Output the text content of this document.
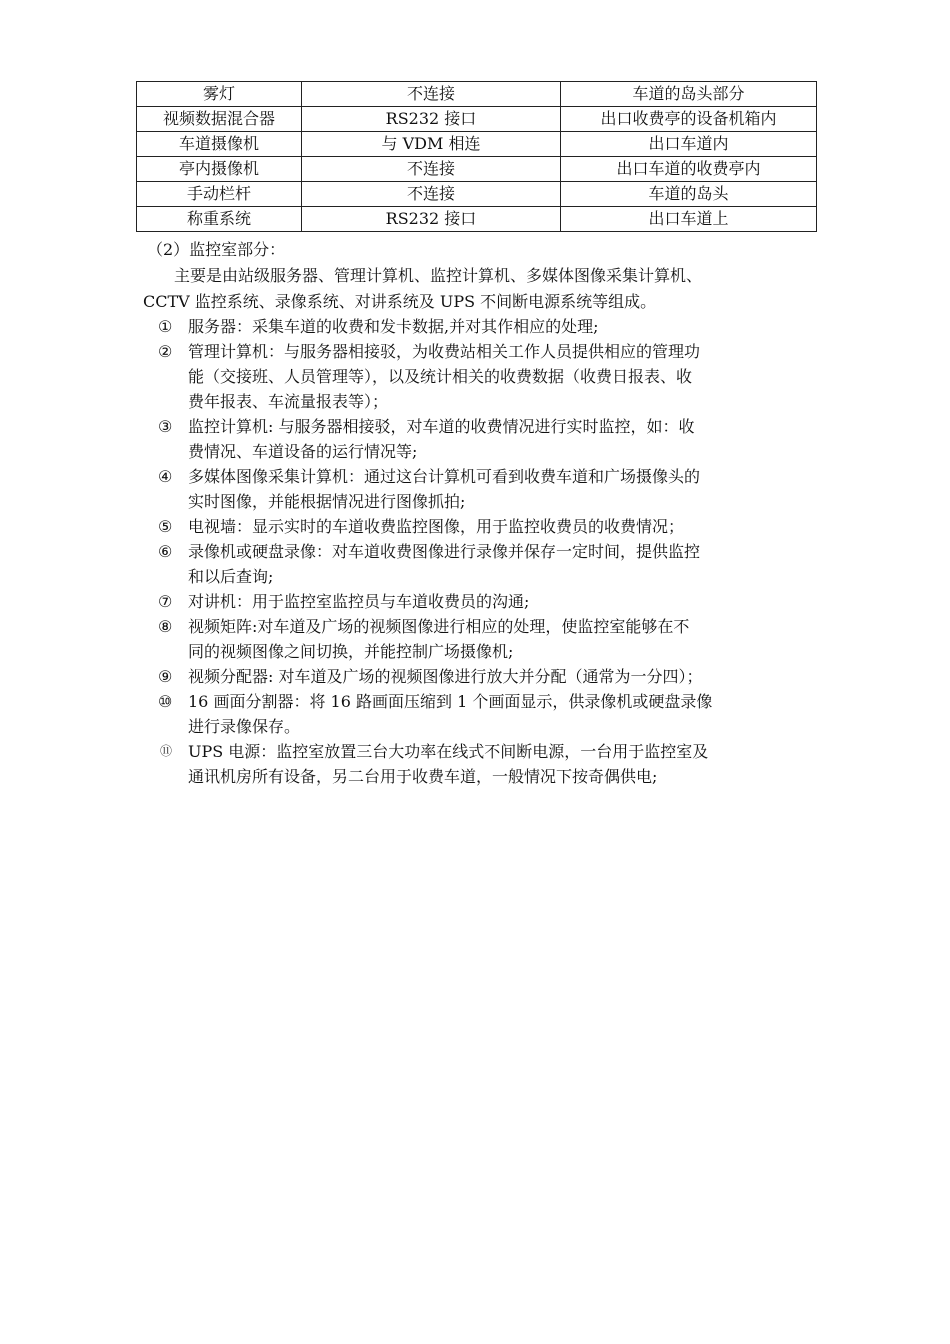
雾灯	不连接	车道的岛头部分
视频数据混合器	RS232 接口	出口收费亭的设备机箱内
车道摄像机	与 VDM 相连	出口车道内
亭内摄像机	不连接	出口车道的收费亭内
手动栏杆	不连接	车道的岛头
称重系统	RS232 接口	出口车道上
（2）监控室部分：
主要是由站级服务器、管理计算机、监控计算机、多媒体图像采集计算机、
CCTV 监控系统、录像系统、对讲系统及 UPS 不间断电源系统等组成。
① 服务器：采集车道的收费和发卡数据,并对其作相应的处理;
② 管理计算机：与服务器相接驳，为收费站相关工作人员提供相应的管理功
能（交接班、人员管理等），以及统计相关的收费数据（收费日报表、收
费年报表、车流量报表等）；
③ 监控计算机: 与服务器相接驳，对车道的收费情况进行实时监控，如：收
费情况、车道设备的运行情况等;
④ 多媒体图像采集计算机：通过这台计算机可看到收费车道和广场摄像头的
实时图像，并能根据情况进行图像抓拍;
⑤ 电视墙：显示实时的车道收费监控图像，用于监控收费员的收费情况；
⑥ 录像机或硬盘录像：对车道收费图像进行录像并保存一定时间，提供监控
和以后查询;
⑦ 对讲机：用于监控室监控员与车道收费员的沟通;
⑧ 视频矩阵:对车道及广场的视频图像进行相应的处理，使监控室能够在不
同的视频图像之间切换，并能控制广场摄像机;
⑨ 视频分配器: 对车道及广场的视频图像进行放大并分配（通常为一分四）；
⑩ 16 画面分割器：将 16 路画面压缩到 1 个画面显示，供录像机或硬盘录像
进行录像保存。
⑪ UPS 电源：监控室放置三台大功率在线式不间断电源，一台用于监控室及
通讯机房所有设备，另二台用于收费车道，一般情况下按奇偶供电;
